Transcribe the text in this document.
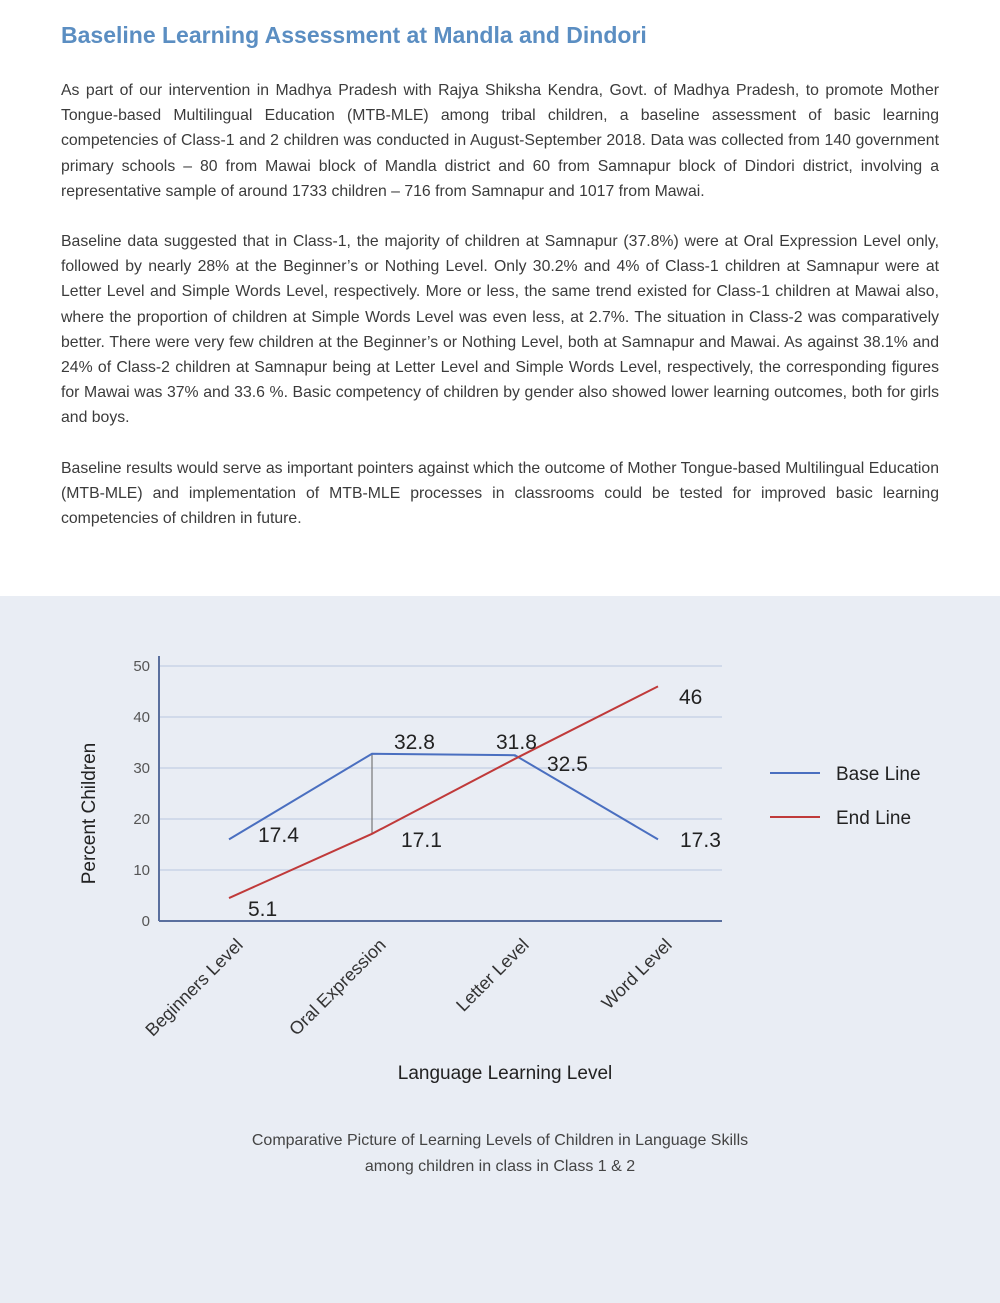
Baseline Learning Assessment at Mandla and Dindori

As part of our intervention in Madhya Pradesh with Rajya Shiksha Kendra, Govt. of Madhya Pradesh, to promote Mother Tongue-based Multilingual Education (MTB-MLE) among tribal children, a baseline assessment of basic learning competencies of Class-1 and 2 children was conducted in August-September 2018. Data was collected from 140 government primary schools – 80 from Mawai block of Mandla district and 60 from Samnapur block of Dindori district, involving a representative sample of around 1733 children – 716 from Samnapur and 1017 from Mawai.

Baseline data suggested that in Class-1, the majority of children at Samnapur (37.8%) were at Oral Expression Level only, followed by nearly 28% at the Beginner’s or Nothing Level. Only 30.2% and 4% of Class-1 children at Samnapur were at Letter Level and Simple Words Level, respectively. More or less, the same trend existed for Class-1 children at Mawai also, where the proportion of children at Simple Words Level was even less, at 2.7%. The situation in Class-2 was comparatively better. There were very few children at the Beginner’s or Nothing Level, both at Samnapur and Mawai. As against 38.1% and 24% of Class-2 children at Samnapur being at Letter Level and Simple Words Level, respectively, the corresponding figures for Mawai was 37% and 33.6 %. Basic competency of children by gender also showed lower learning outcomes, both for girls and boys.

Baseline results would serve as important pointers against which the outcome of Mother Tongue-based Multilingual Education (MTB-MLE) and implementation of MTB-MLE processes in classrooms could be tested for improved basic learning competencies of children in future.

0
10
20
30
40
50
Percent Children
Beginners Level Oral Expression	Letter Level	Word Level
Language Learning Level
17.4
32.8
32.5
17.3
5.1
17.1
31.8
46
Base Line
End Line

Comparative Picture of Learning Levels of Children in Language Skills

among children in class in Class 1 & 2
